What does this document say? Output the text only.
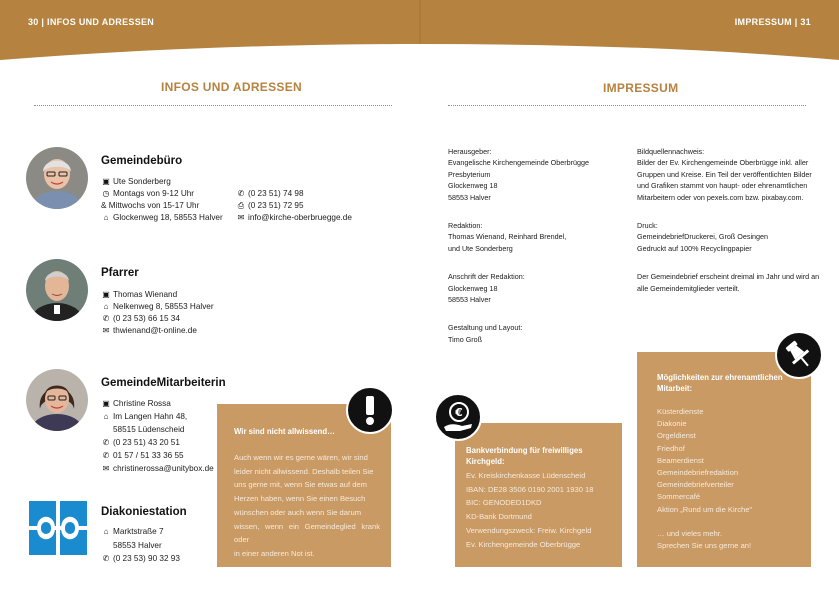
30 | INFOS UND ADRESSEN	IMPRESSUM | 31
INFOS UND ADRESSEN	IMPRESSUM
Gemeindebüro
▣ Ute Sonderberg
◷ Montags von 9-12 Uhr
& Mittwochs von 15-17 Uhr
⌂ Glockenweg 18, 58553 Halver
✆ (0 23 51) 74 98
⎙ (0 23 51) 72 95
✉ info@kirche-oberbruegge.de
Pfarrer
▣ Thomas Wienand
⌂ Nelkenweg 8, 58553 Halver
✆ (0 23 53) 66 15 34
✉ thwienand@t-online.de
GemeindeMitarbeiterin
▣ Christine Rossa
⌂ Im Langen Hahn 48,
58515 Lüdenscheid
✆ (0 23 51) 43 20 51
✆ 01 57 / 51 33 36 55
✉ christinerossa@unitybox.de
Diakoniestation
⌂ Marktstraße 7
58553 Halver
✆ (0 23 53) 90 32 93
Wir sind nicht allwissend…
Auch wenn wir es gerne wären, wir sind
leider nicht allwissend. Deshalb teilen Sie
uns gerne mit, wenn Sie etwas auf dem
Herzen haben, wenn Sie einen Besuch
wünschen oder auch wenn Sie darum
wissen, wenn ein Gemeindeglied krank oder
in einer anderen Not ist.
Bankverbindung für freiwilliges Kirchgeld:
Ev. Kreiskirchenkasse Lüdenscheid
IBAN: DE28 3506 0190 2001 1930 18
BIC: GENODED1DKD
KD-Bank Dortmund
Verwendungszweck: Freiw. Kirchgeld
Ev. Kirchengemeinde Oberbrügge
€
Möglichkeiten zur ehrenamtlichen
Mitarbeit:
Küsterdienste
Diakonie
Orgeldienst
Friedhof
Beamerdienst
Gemeindebriefredaktion
Gemeindebriefverteiler
Sommercafé
Aktion „Rund um die Kirche"
… und vieles mehr.
Sprechen Sie uns gerne an!
Herausgeber:
Evangelische Kirchengemeinde Oberbrügge
Presbyterium
Glockenweg 18
58553 Halver
Redaktion:
Thomas Wienand, Reinhard Brendel,
und Ute Sonderberg
Anschrift der Redaktion:
Glockenweg 18
58553 Halver
Gestaltung und Layout:
Timo Groß
Bildquellennachweis:
Bilder der Ev. Kirchengemeinde Oberbrügge inkl. aller
Gruppen und Kreise. Ein Teil der veröffentlichten Bilder
und Grafiken stammt von haupt- oder ehrenamtlichen
Mitarbeitern oder von pexels.com bzw. pixabay.com.
Druck:
GemeindebriefDruckerei, Groß Oesingen
Gedruckt auf 100% Recyclingpapier
Der Gemeindebrief erscheint dreimal im Jahr und wird an
alle Gemeindemitglieder verteilt.
